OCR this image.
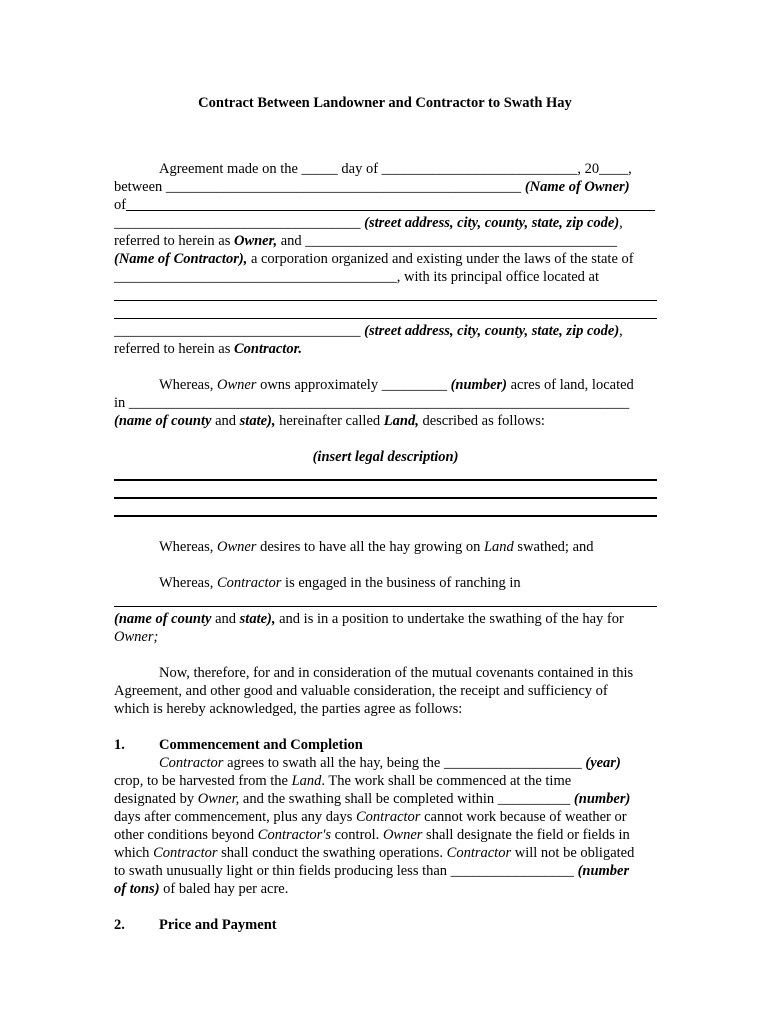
Contract Between Landowner and Contractor to Swath Hay
Agreement made on the _____ day of ___________________________, 20____,
between _________________________________________________ (Name of Owner)
of
__________________________________ (street address, city, county, state, zip code),
referred to herein as Owner, and ___________________________________________
(Name of Contractor), a corporation organized and existing under the laws of the state of
_______________________________________, with its principal office located at
__________________________________ (street address, city, county, state, zip code),
referred to herein as Contractor.
Whereas, Owner owns approximately _________ (number) acres of land, located
in _____________________________________________________________________
(name of county and state), hereinafter called Land, described as follows:
(insert legal description)
Whereas, Owner desires to have all the hay growing on Land swathed; and
Whereas, Contractor is engaged in the business of ranching in
(name of county and state), and is in a position to undertake the swathing of the hay for
Owner;
Now, therefore, for and in consideration of the mutual covenants contained in this
Agreement, and other good and valuable consideration, the receipt and sufficiency of
which is hereby acknowledged, the parties agree as follows:
1.	Commencement and Completion
Contractor agrees to swath all the hay, being the ___________________ (year)
crop, to be harvested from the Land. The work shall be commenced at the time
designated by Owner, and the swathing shall be completed within __________ (number)
days after commencement, plus any days Contractor cannot work because of weather or
other conditions beyond Contractor's control. Owner shall designate the field or fields in
which Contractor shall conduct the swathing operations. Contractor will not be obligated
to swath unusually light or thin fields producing less than _________________ (number
of tons) of baled hay per acre.
2.	Price and Payment
